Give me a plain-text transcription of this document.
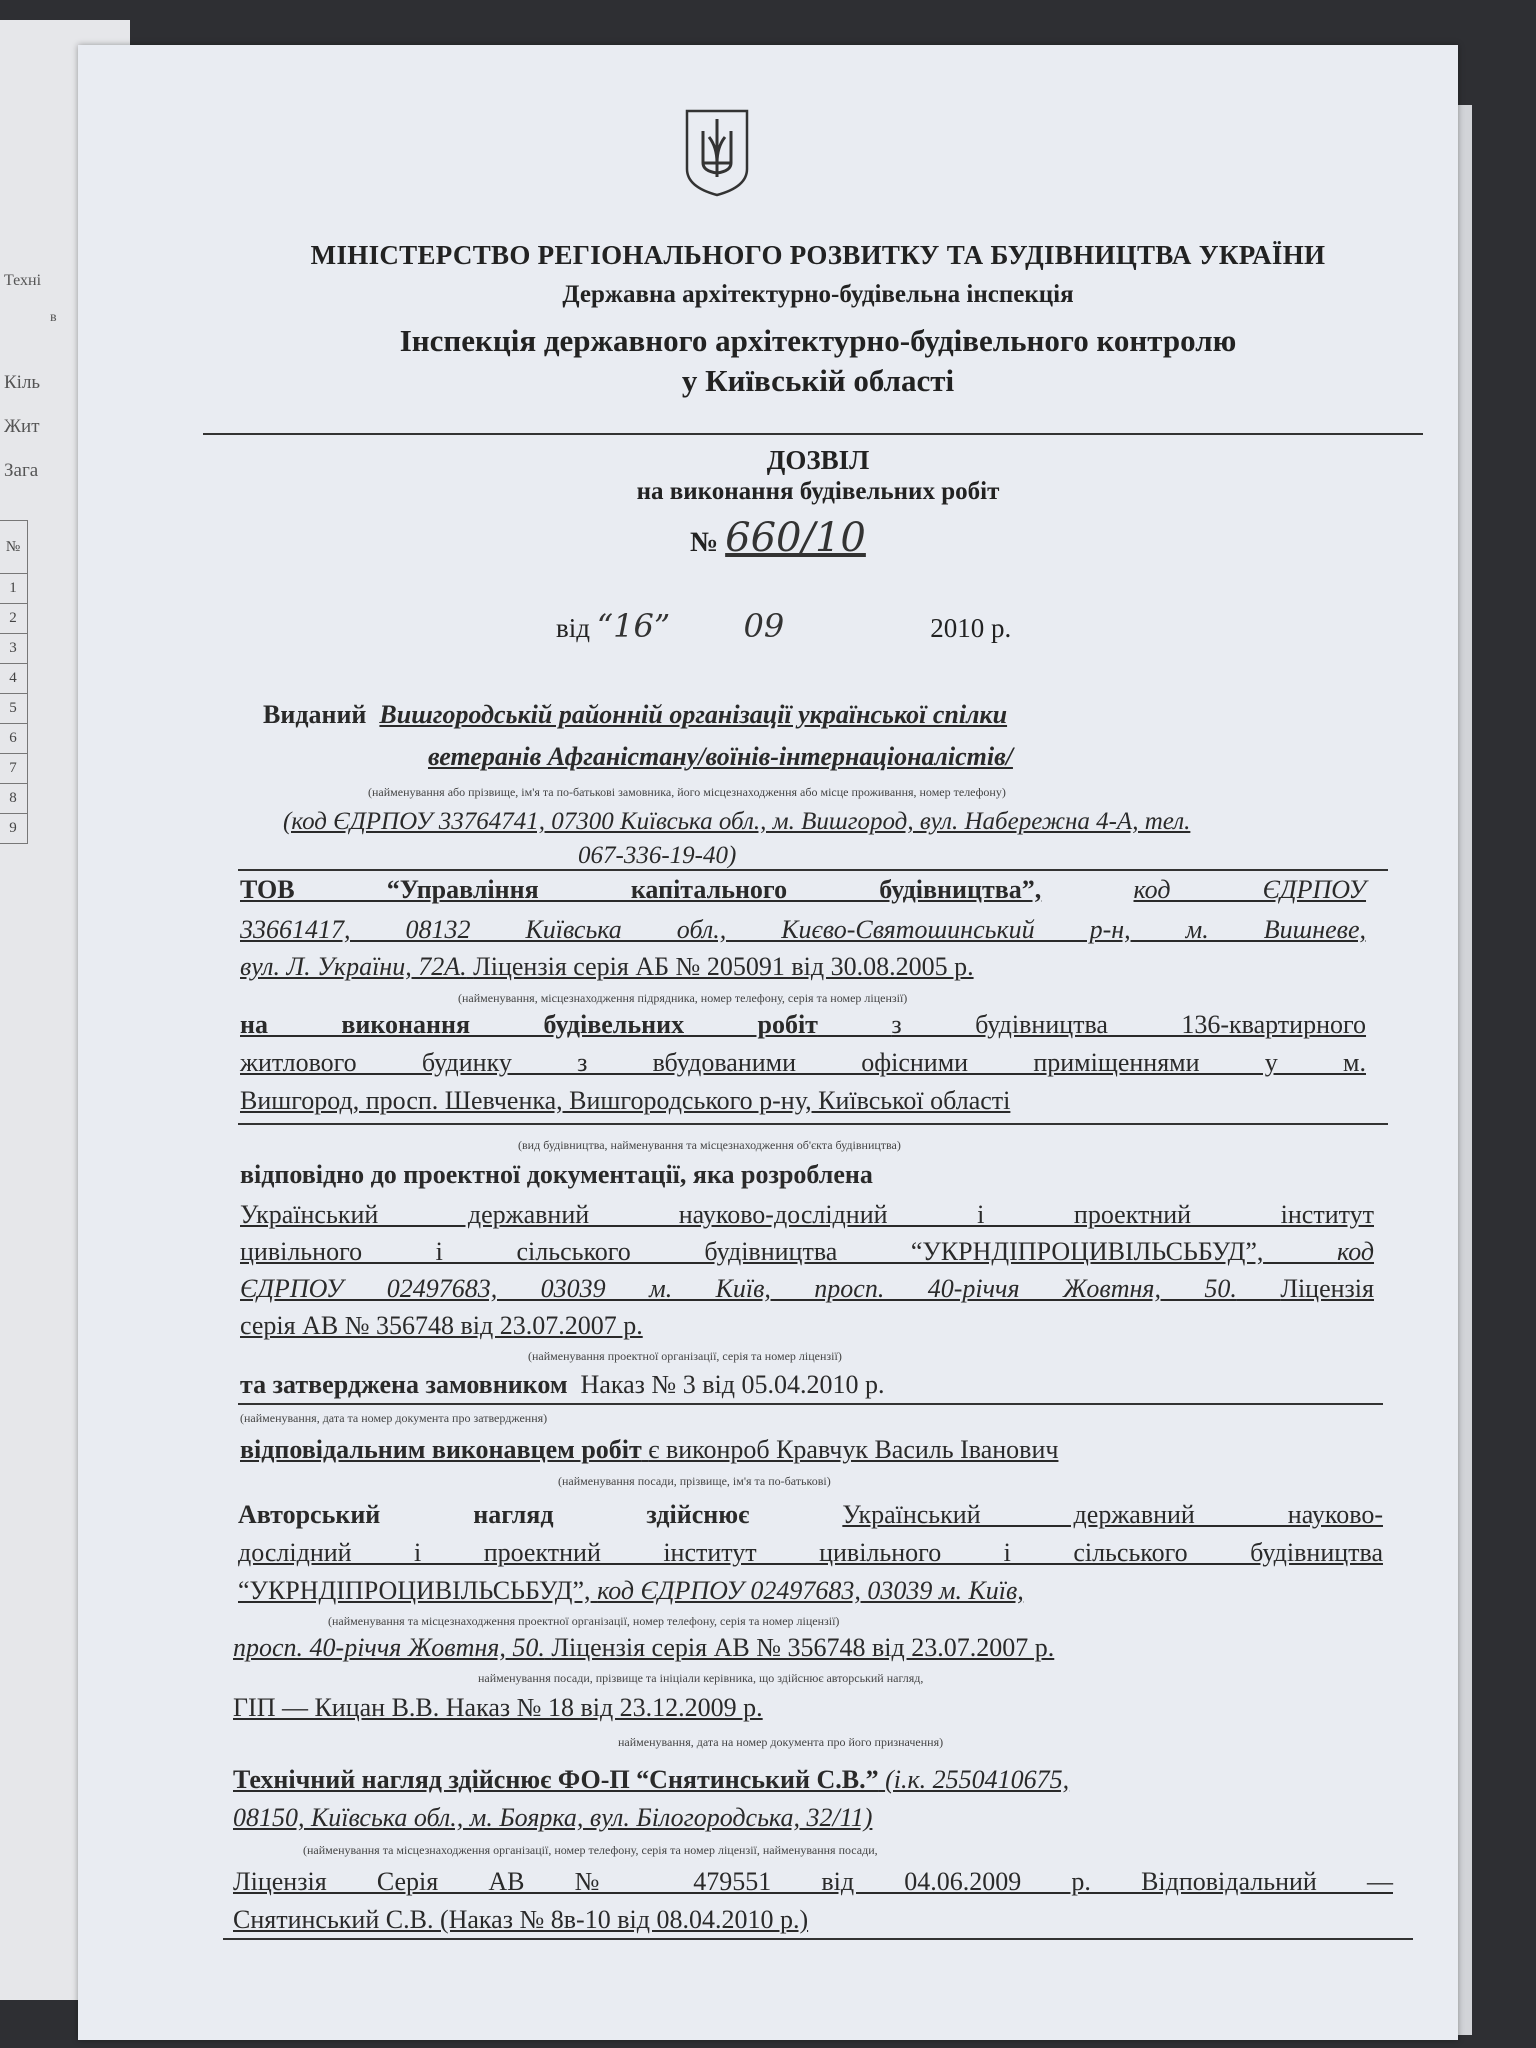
Техні
в
Кіль
Жит
Зага
№
1
2
3
4
5
6
7
8
9
МІНІСТЕРСТВО РЕГІОНАЛЬНОГО РОЗВИТКУ ТА БУДІВНИЦТВА УКРАЇНИ
Державна архітектурно-будівельна інспекція
Інспекція державного архітектурно-будівельного контролю
у Київській області
ДОЗВІЛ
на виконання будівельних робіт
№ 660/10
від “16” 09	2010 р.
Виданий Вишгородській районній організації української спілки
ветеранів Афганістану/воїнів-інтернаціоналістів/
(найменування або прізвище, ім'я та по-батькові замовника, його місцезнаходження або місце проживання, номер телефону)
(код ЄДРПОУ 33764741, 07300 Київська обл., м. Вишгород, вул. Набережна 4-А, тел.
067-336-19-40)
ТОВ “Управління капітального будівництва”,	код ЄДРПОУ
33661417, 08132 Київська обл., Києво-Святошинський р-н, м. Вишневе,
вул. Л. України, 72А. Ліцензія серія АБ № 205091 від 30.08.2005 р.
(найменування, місцезнаходження підрядника, номер телефону, серія та номер ліцензії)
на виконання будівельних робіт	з будівництва 136-квартирного
житлового будинку з вбудованими офісними приміщеннями у м.
Вишгород, просп. Шевченка, Вишгородського р-ну, Київської області
(вид будівництва, найменування та місцезнаходження об'єкта будівництва)
відповідно до проектної документації, яка розроблена
Український державний науково-дослідний і проектний інститут
цивільного і сільського будівництва “УКРНДІПРОЦИВІЛЬСЬБУД”,	код
ЄДРПОУ 02497683, 03039 м. Київ, просп. 40-річчя Жовтня, 50. Ліцензія
серія АВ № 356748 від 23.07.2007 р.
(найменування проектної організації, серія та номер ліцензії)
та затверджена замовником Наказ № 3 від 05.04.2010 р.
(найменування, дата та номер документа про затвердження)
відповідальним виконавцем робіт є виконроб Кравчук Василь Іванович
(найменування посади, прізвище, ім'я та по-батькові)
Авторський нагляд здійснює	Український державний науково-
дослідний і проектний інститут цивільного і сільського будівництва
“УКРНДІПРОЦИВІЛЬСЬБУД”, код ЄДРПОУ 02497683, 03039 м. Київ,
(найменування та місцезнаходження проектної організації, номер телефону, серія та номер ліцензії)
просп. 40-річчя Жовтня, 50. Ліцензія серія АВ № 356748 від 23.07.2007 р.
найменування посади, прізвище та ініціали керівника, що здійснює авторський нагляд,
ГІП — Кицан В.В. Наказ № 18 від 23.12.2009 р.
найменування, дата на номер документа про його призначення)
Технічний нагляд здійснює ФО-П “Снятинський С.В.” (і.к. 2550410675,
08150, Київська обл., м. Боярка, вул. Білогородська, 32/11)
(найменування та місцезнаходження організації, номер телефону, серія та номер ліцензії, найменування посади,
Ліцензія Серія АВ № 479551 від 04.06.2009 р. Відповідальний —
Снятинський С.В. (Наказ № 8в-10 від 08.04.2010 р.)
